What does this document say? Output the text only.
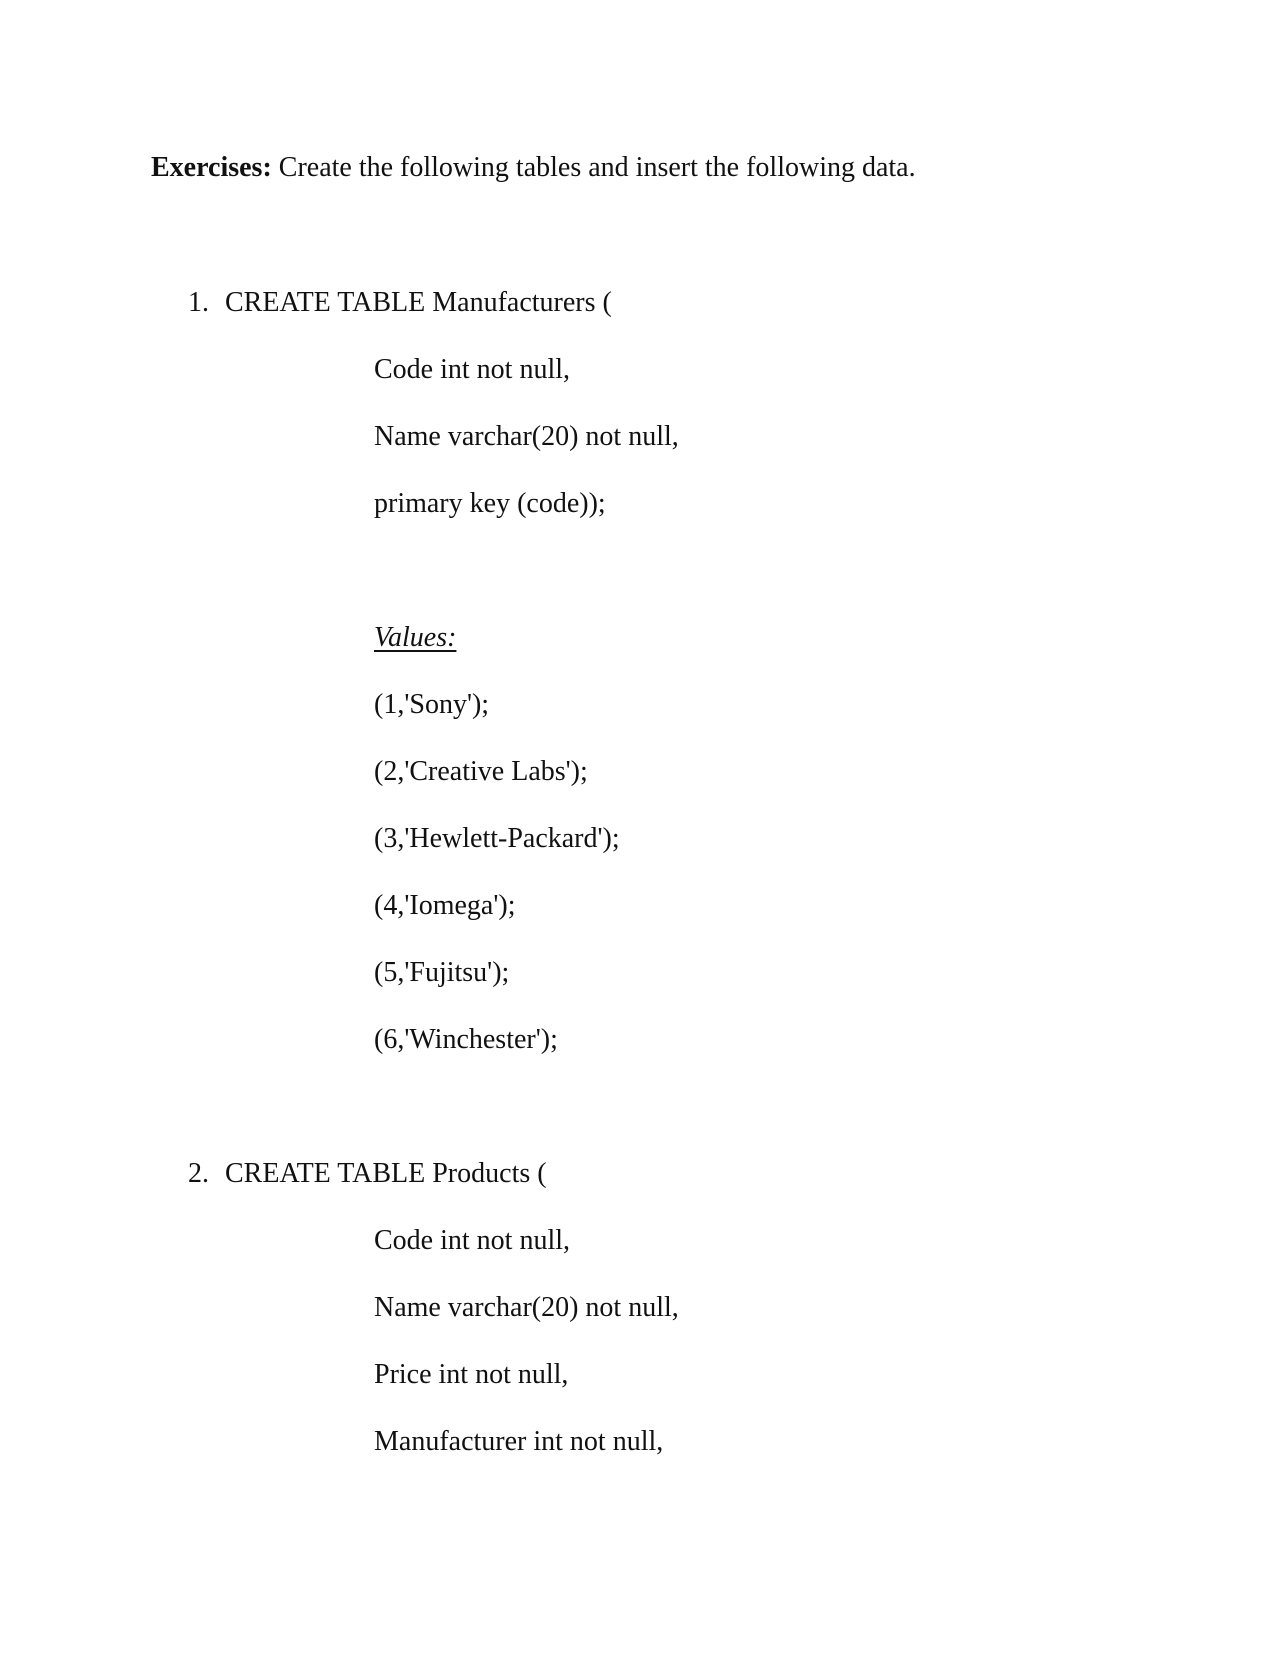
Exercises: Create the following tables and insert the following data.
1. CREATE TABLE Manufacturers (
Code int not null,
Name varchar(20) not null,
primary key (code));
Values:
(1,'Sony');
(2,'Creative Labs');
(3,'Hewlett-Packard');
(4,'Iomega');
(5,'Fujitsu');
(6,'Winchester');
2. CREATE TABLE Products (
Code int not null,
Name varchar(20) not null,
Price int not null,
Manufacturer int not null,
